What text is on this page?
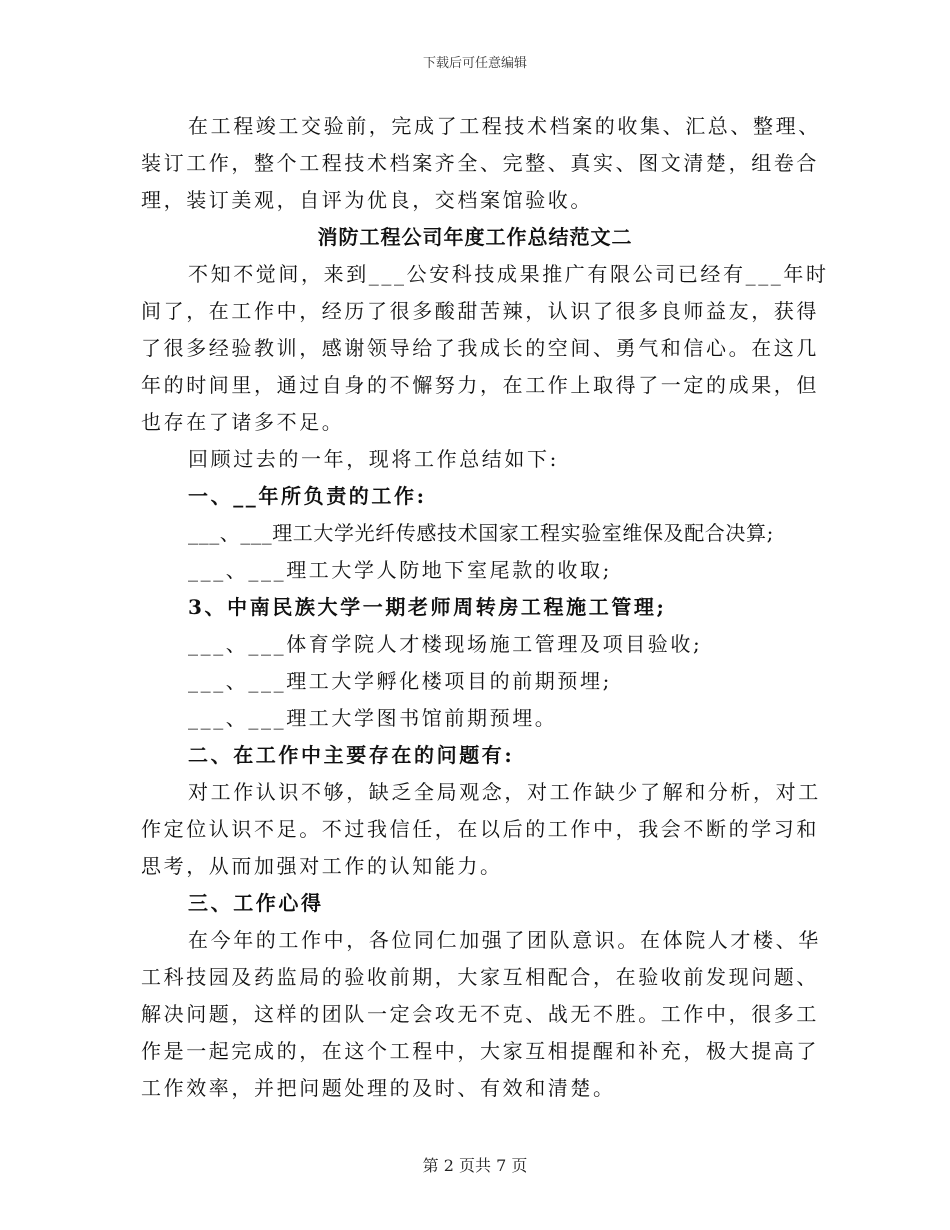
下载后可任意编辑
在工程竣工交验前，完成了工程技术档案的收集、汇总、整理、
装订工作，整个工程技术档案齐全、完整、真实、图文清楚，组卷合
理，装订美观，自评为优良，交档案馆验收。
消防工程公司年度工作总结范文二
不知不觉间，来到___公安科技成果推广有限公司已经有___年时
间了，在工作中，经历了很多酸甜苦辣，认识了很多良师益友，获得
了很多经验教训，感谢领导给了我成长的空间、勇气和信心。在这几
年的时间里，通过自身的不懈努力，在工作上取得了一定的成果，但
也存在了诸多不足。
回顾过去的一年，现将工作总结如下:
一、__年所负责的工作:
___、___理工大学光纤传感技术国家工程实验室维保及配合决算;
___、___理工大学人防地下室尾款的收取;
3、中南民族大学一期老师周转房工程施工管理;
___、___体育学院人才楼现场施工管理及项目验收;
___、___理工大学孵化楼项目的前期预埋;
___、___理工大学图书馆前期预埋。
二、在工作中主要存在的问题有:
对工作认识不够，缺乏全局观念，对工作缺少了解和分析，对工
作定位认识不足。不过我信任，在以后的工作中，我会不断的学习和
思考，从而加强对工作的认知能力。
三、工作心得
在今年的工作中，各位同仁加强了团队意识。在体院人才楼、华
工科技园及药监局的验收前期，大家互相配合，在验收前发现问题、
解决问题，这样的团队一定会攻无不克、战无不胜。工作中，很多工
作是一起完成的，在这个工程中，大家互相提醒和补充，极大提高了
工作效率，并把问题处理的及时、有效和清楚。
第 2 页共 7 页
